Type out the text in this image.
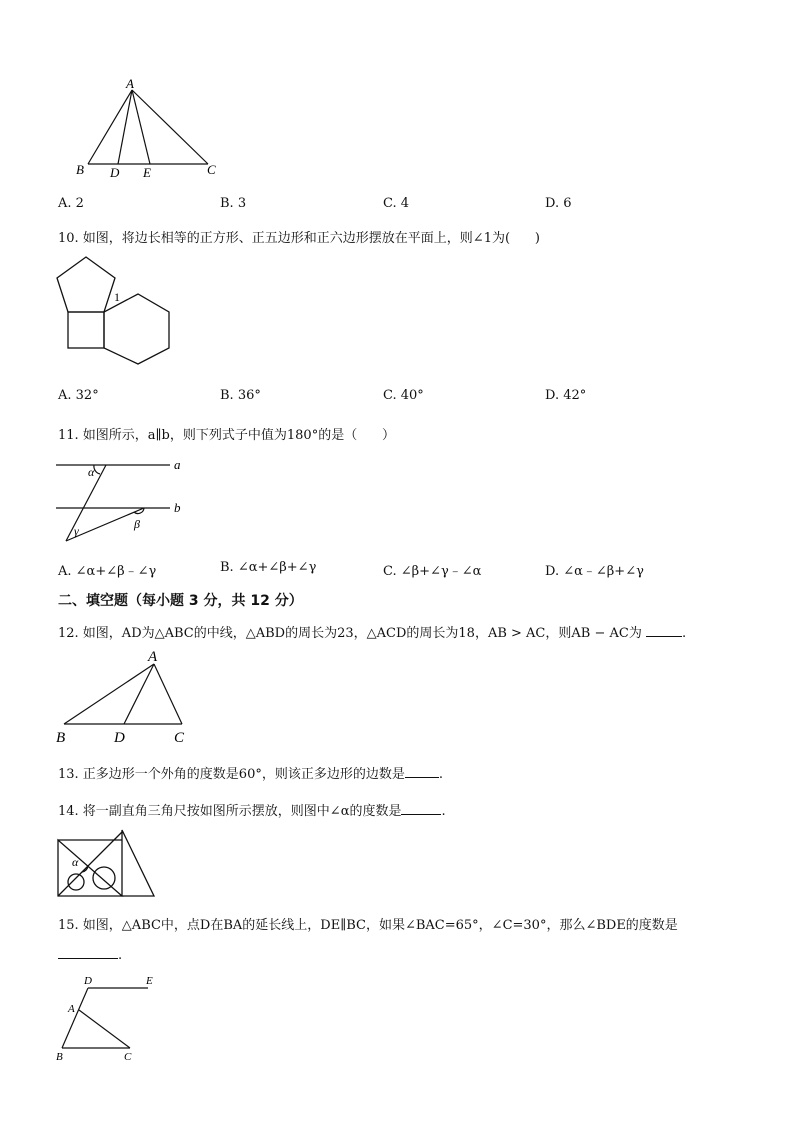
A
B D E	C
A. 2	B. 3	C. 4	D. 6
10. 如图，将边长相等的正方形、正五边形和正六边形摆放在平面上，则∠1为(      )
1
A. 32°	B. 36°	C. 40°	D. 42°
11. 如图所示，a∥b，则下列式子中值为180°的是（      ）
a
b
α
β
γ
A. ∠α+∠β﹣∠γ	B. ∠α+∠β+∠γ	C. ∠β+∠γ﹣∠α	D. ∠α﹣∠β+∠γ
二、填空题（每小题 3 分，共 12 分）
12. 如图，AD为△ABC的中线，△ABD的周长为23，△ACD的周长为18，AB > AC，则AB − AC为	.
A
B	D	C
13. 正多边形一个外角的度数是60°，则该正多边形的边数是	.
14. 将一副直角三角尺按如图所示摆放，则图中∠α的度数是	.
α
15. 如图，△ABC中，点D在BA的延长线上，DE∥BC，如果∠BAC=65°，∠C=30°，那么∠BDE的度数是
.
D	E
A
B	C
